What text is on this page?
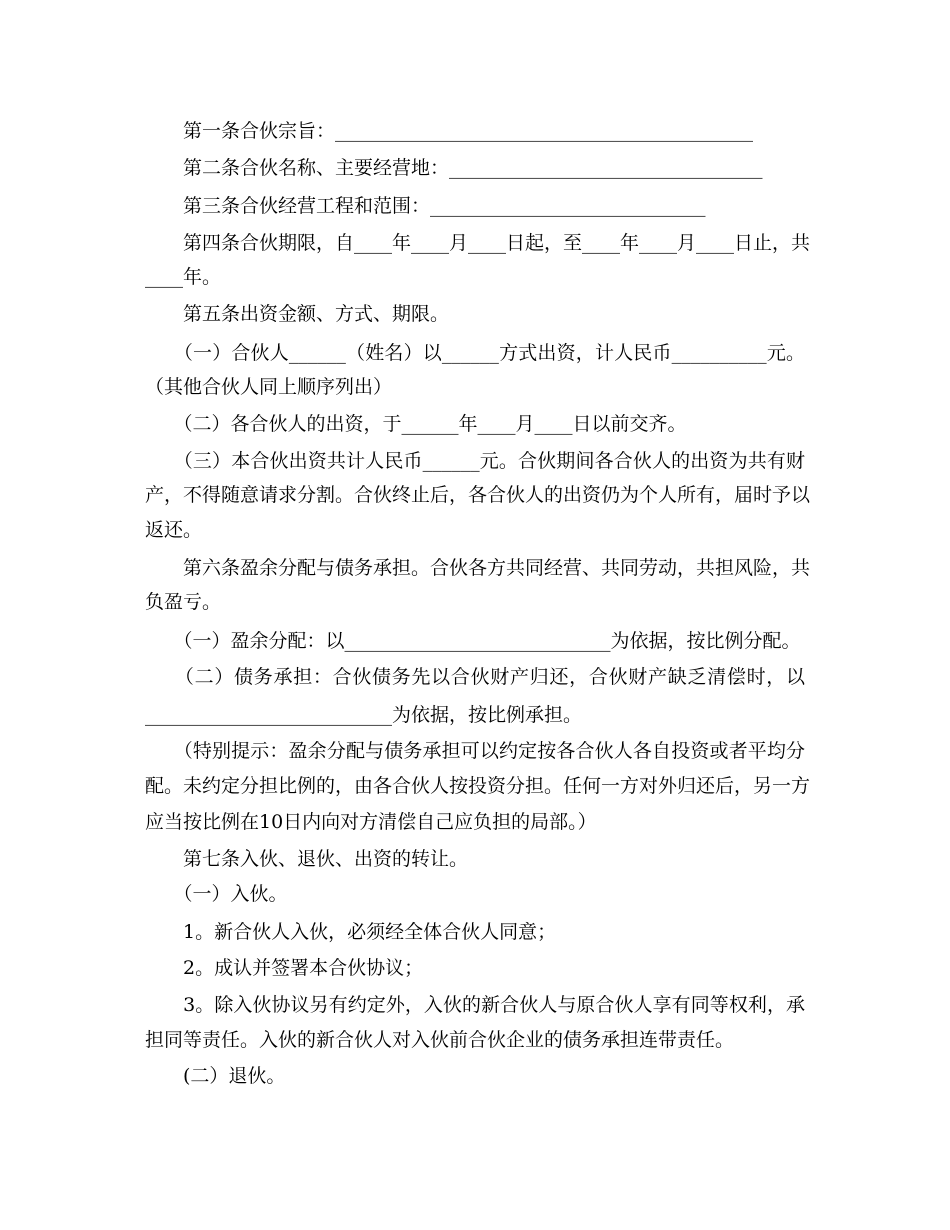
　　第一条合伙宗旨：____________________________________________
　　第二条合伙名称、主要经营地：_________________________________
　　第三条合伙经营工程和范围：_____________________________
　　第四条合伙期限，自____年____月____日起，至____年____月____日止，共
____年。
　　第五条出资金额、方式、期限。
　　（一）合伙人______（姓名）以______方式出资，计人民币__________元。
（其他合伙人同上顺序列出）
　　（二）各合伙人的出资，于______年____月____日以前交齐。
　　（三）本合伙出资共计人民币______元。合伙期间各合伙人的出资为共有财
产，不得随意请求分割。合伙终止后，各合伙人的出资仍为个人所有，届时予以
返还。
　　第六条盈余分配与债务承担。合伙各方共同经营、共同劳动，共担风险，共
负盈亏。
　　（一）盈余分配：以____________________________为依据，按比例分配。
　　（二）债务承担：合伙债务先以合伙财产归还，合伙财产缺乏清偿时，以
__________________________为依据，按比例承担。
　　（特别提示：盈余分配与债务承担可以约定按各合伙人各自投资或者平均分
配。未约定分担比例的，由各合伙人按投资分担。任何一方对外归还后，另一方
应当按比例在10日内向对方清偿自己应负担的局部。）
　　第七条入伙、退伙、出资的转让。
　　（一）入伙。
　　1。新合伙人入伙，必须经全体合伙人同意；
　　2。成认并签署本合伙协议；
　　3。除入伙协议另有约定外，入伙的新合伙人与原合伙人享有同等权利，承
担同等责任。入伙的新合伙人对入伙前合伙企业的债务承担连带责任。
　　(二）退伙。
